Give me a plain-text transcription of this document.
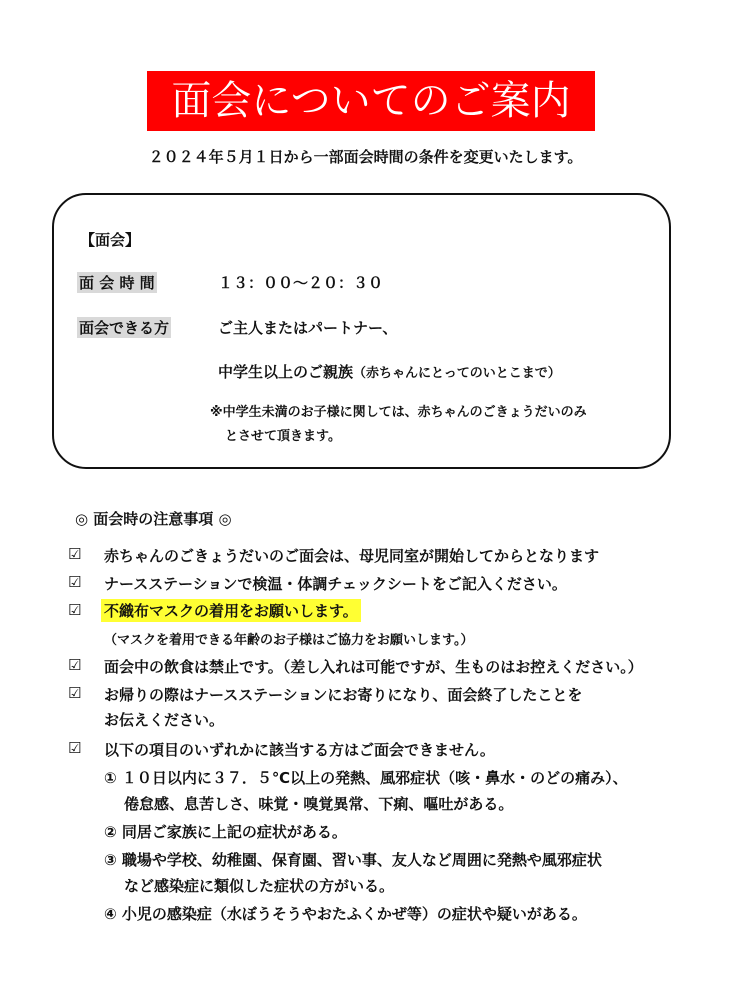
面会についてのご案内
２０２４年５月１日から一部面会時間の条件を変更いたします。
【面会】
面 会 時 間	１３：００～２０：３０
面会できる方	ご主人またはパートナー、
中学生以上のご親族（赤ちゃんにとってのいとこまで）
※中学生未満のお子様に関しては、赤ちゃんのごきょうだいのみ
とさせて頂きます。
◎ 面会時の注意事項 ◎
☑ 赤ちゃんのごきょうだいのご面会は、母児同室が開始してからとなります
☑ ナースステーションで検温・体調チェックシートをご記入ください。
☑ 不織布マスクの着用をお願いします。
（マスクを着用できる年齢のお子様はご協力をお願いします。）
☑ 面会中の飲食は禁止です。（差し入れは可能ですが、生ものはお控えください。）
☑ お帰りの際はナースステーションにお寄りになり、面会終了したことを
お伝えください。
☑ 以下の項目のいずれかに該当する方はご面会できません。
① １０日以内に３７．５℃以上の発熱、風邪症状（咳・鼻水・のどの痛み）、
倦怠感、息苦しさ、味覚・嗅覚異常、下痢、嘔吐がある。
② 同居ご家族に上記の症状がある。
③ 職場や学校、幼稚園、保育園、習い事、友人など周囲に発熱や風邪症状
など感染症に類似した症状の方がいる。
④ 小児の感染症（水ぼうそうやおたふくかぜ等）の症状や疑いがある。
